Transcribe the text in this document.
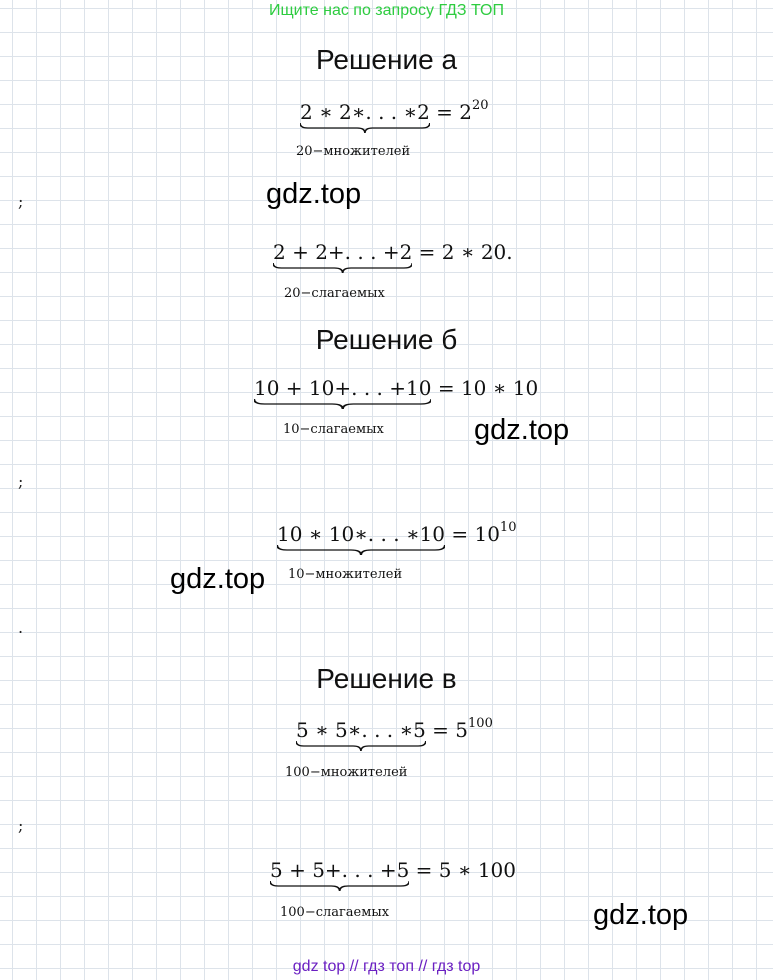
Ищите нас по запросу ГДЗ ТОП
Решение а
2 ∗ 2∗. . . ∗2
= $2^{20}$
20−множителей
gdz.top
;
2 + 2+. . . +2
= 2 ∗ 20.
20−слагаемых
Решение б
10 + 10+. . . +10
= 10 ∗ 10
10−слагаемых	gdz.top
;
10 ∗ 10∗. . . ∗10
= $10^{10}$
10−множителей
gdz.top
.
Решение в
5 ∗ 5∗. . . ∗5
= $5^{100}$
100−множителей
;
5 + 5+. . . +5
= 5 ∗ 100
100−слагаемых	gdz.top
gdz top // гдз топ // гдз top
